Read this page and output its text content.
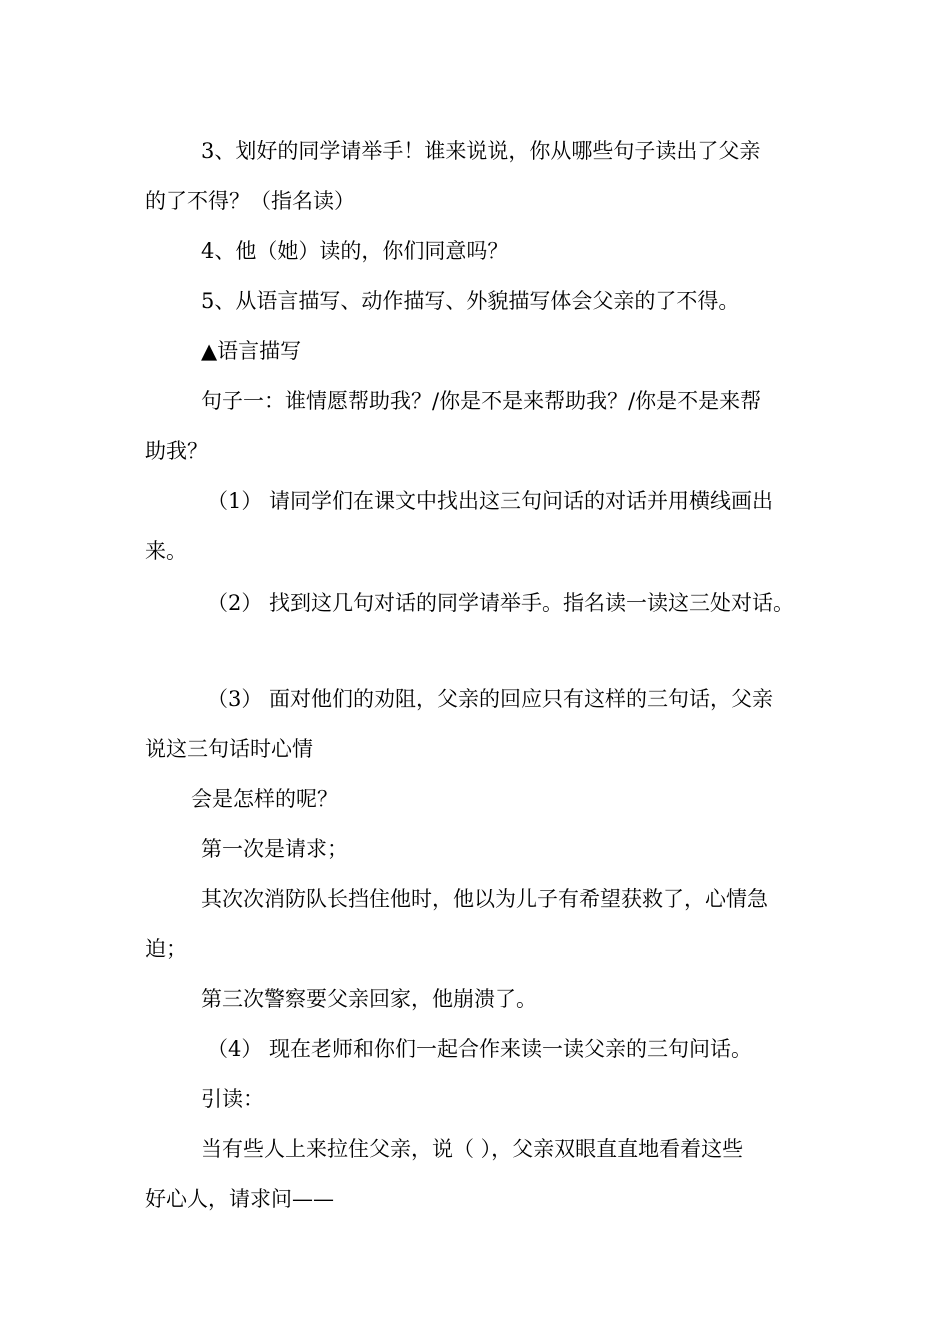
3、划好的同学请举手！谁来说说，你从哪些句子读出了父亲

的了不得？（指名读）

4、他（她）读的，你们同意吗？

5、从语言描写、动作描写、外貌描写体会父亲的了不得。

▲语言描写

句子一：谁情愿帮助我？/你是不是来帮助我？/你是不是来帮

助我？

（1） 请同学们在课文中找出这三句问话的对话并用横线画出

来。

（2） 找到这几句对话的同学请举手。指名读一读这三处对话。

（3） 面对他们的劝阻，父亲的回应只有这样的三句话，父亲

说这三句话时心情

会是怎样的呢？

第一次是请求；

其次次消防队长挡住他时，他以为儿子有希望获救了，心情急

迫；

第三次警察要父亲回家，他崩溃了。

（4） 现在老师和你们一起合作来读一读父亲的三句问话。

引读：

当有些人上来拉住父亲，说（ ），父亲双眼直直地看着这些

好心人，请求问——
